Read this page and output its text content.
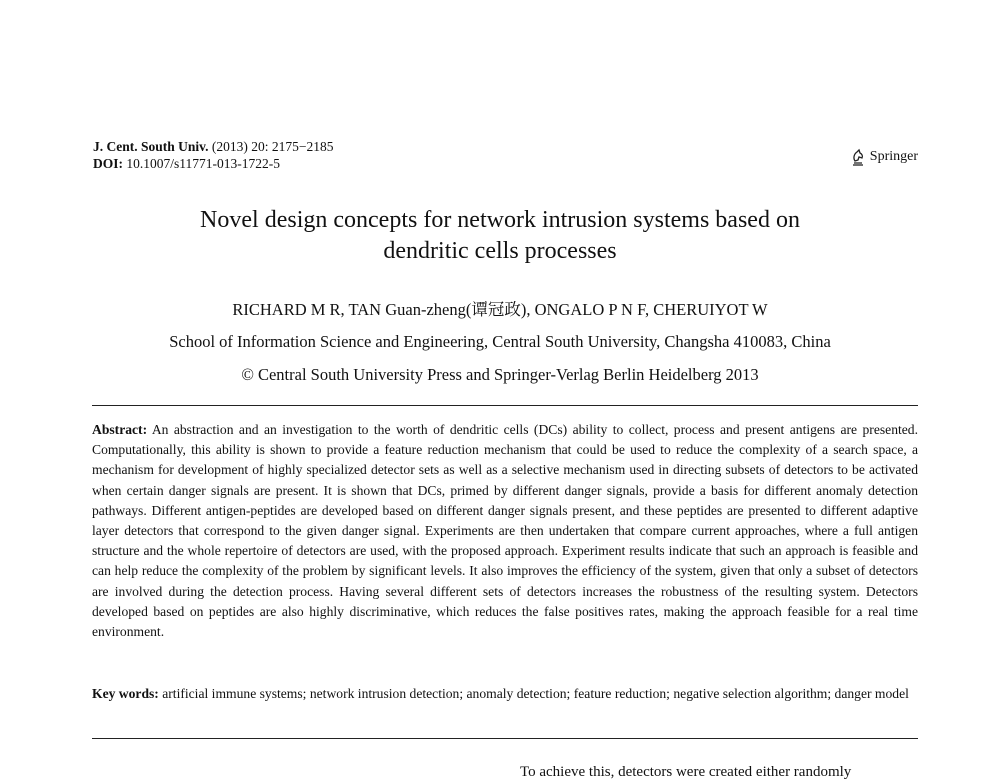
J. Cent. South Univ. (2013) 20: 2175−2185
DOI: 10.1007/s11771-013-1722-5	Springer
Novel design concepts for network intrusion systems based on
dendritic cells processes
RICHARD M R, TAN Guan-zheng(谭冠政), ONGALO P N F, CHERUIYOT W
School of Information Science and Engineering, Central South University, Changsha 410083, China
© Central South University Press and Springer-Verlag Berlin Heidelberg 2013
Abstract: An abstraction and an investigation to the worth of dendritic cells (DCs) ability to collect, process and present antigens are presented. Computationally, this ability is shown to provide a feature reduction mechanism that could be used to reduce the complexity of a search space, a mechanism for development of highly specialized detector sets as well as a selective mechanism used in directing subsets of detectors to be activated when certain danger signals are present. It is shown that DCs, primed by different danger signals, provide a basis for different anomaly detection pathways. Different antigen-peptides are developed based on different danger signals present, and these peptides are presented to different adaptive layer detectors that correspond to the given danger signal. Experiments are then undertaken that compare current approaches, where a full antigen structure and the whole repertoire of detectors are used, with the proposed approach. Experiment results indicate that such an approach is feasible and can help reduce the complexity of the problem by significant levels. It also improves the efficiency of the system, given that only a subset of detectors are involved during the detection process. Having several different sets of detectors increases the robustness of the resulting system. Detectors developed based on peptides are also highly discriminative, which reduces the false positives rates, making the approach feasible for a real time environment.
Key words: artificial immune systems; network intrusion detection; anomaly detection; feature reduction; negative selection algorithm; danger model
To achieve this, detectors were created either randomly
